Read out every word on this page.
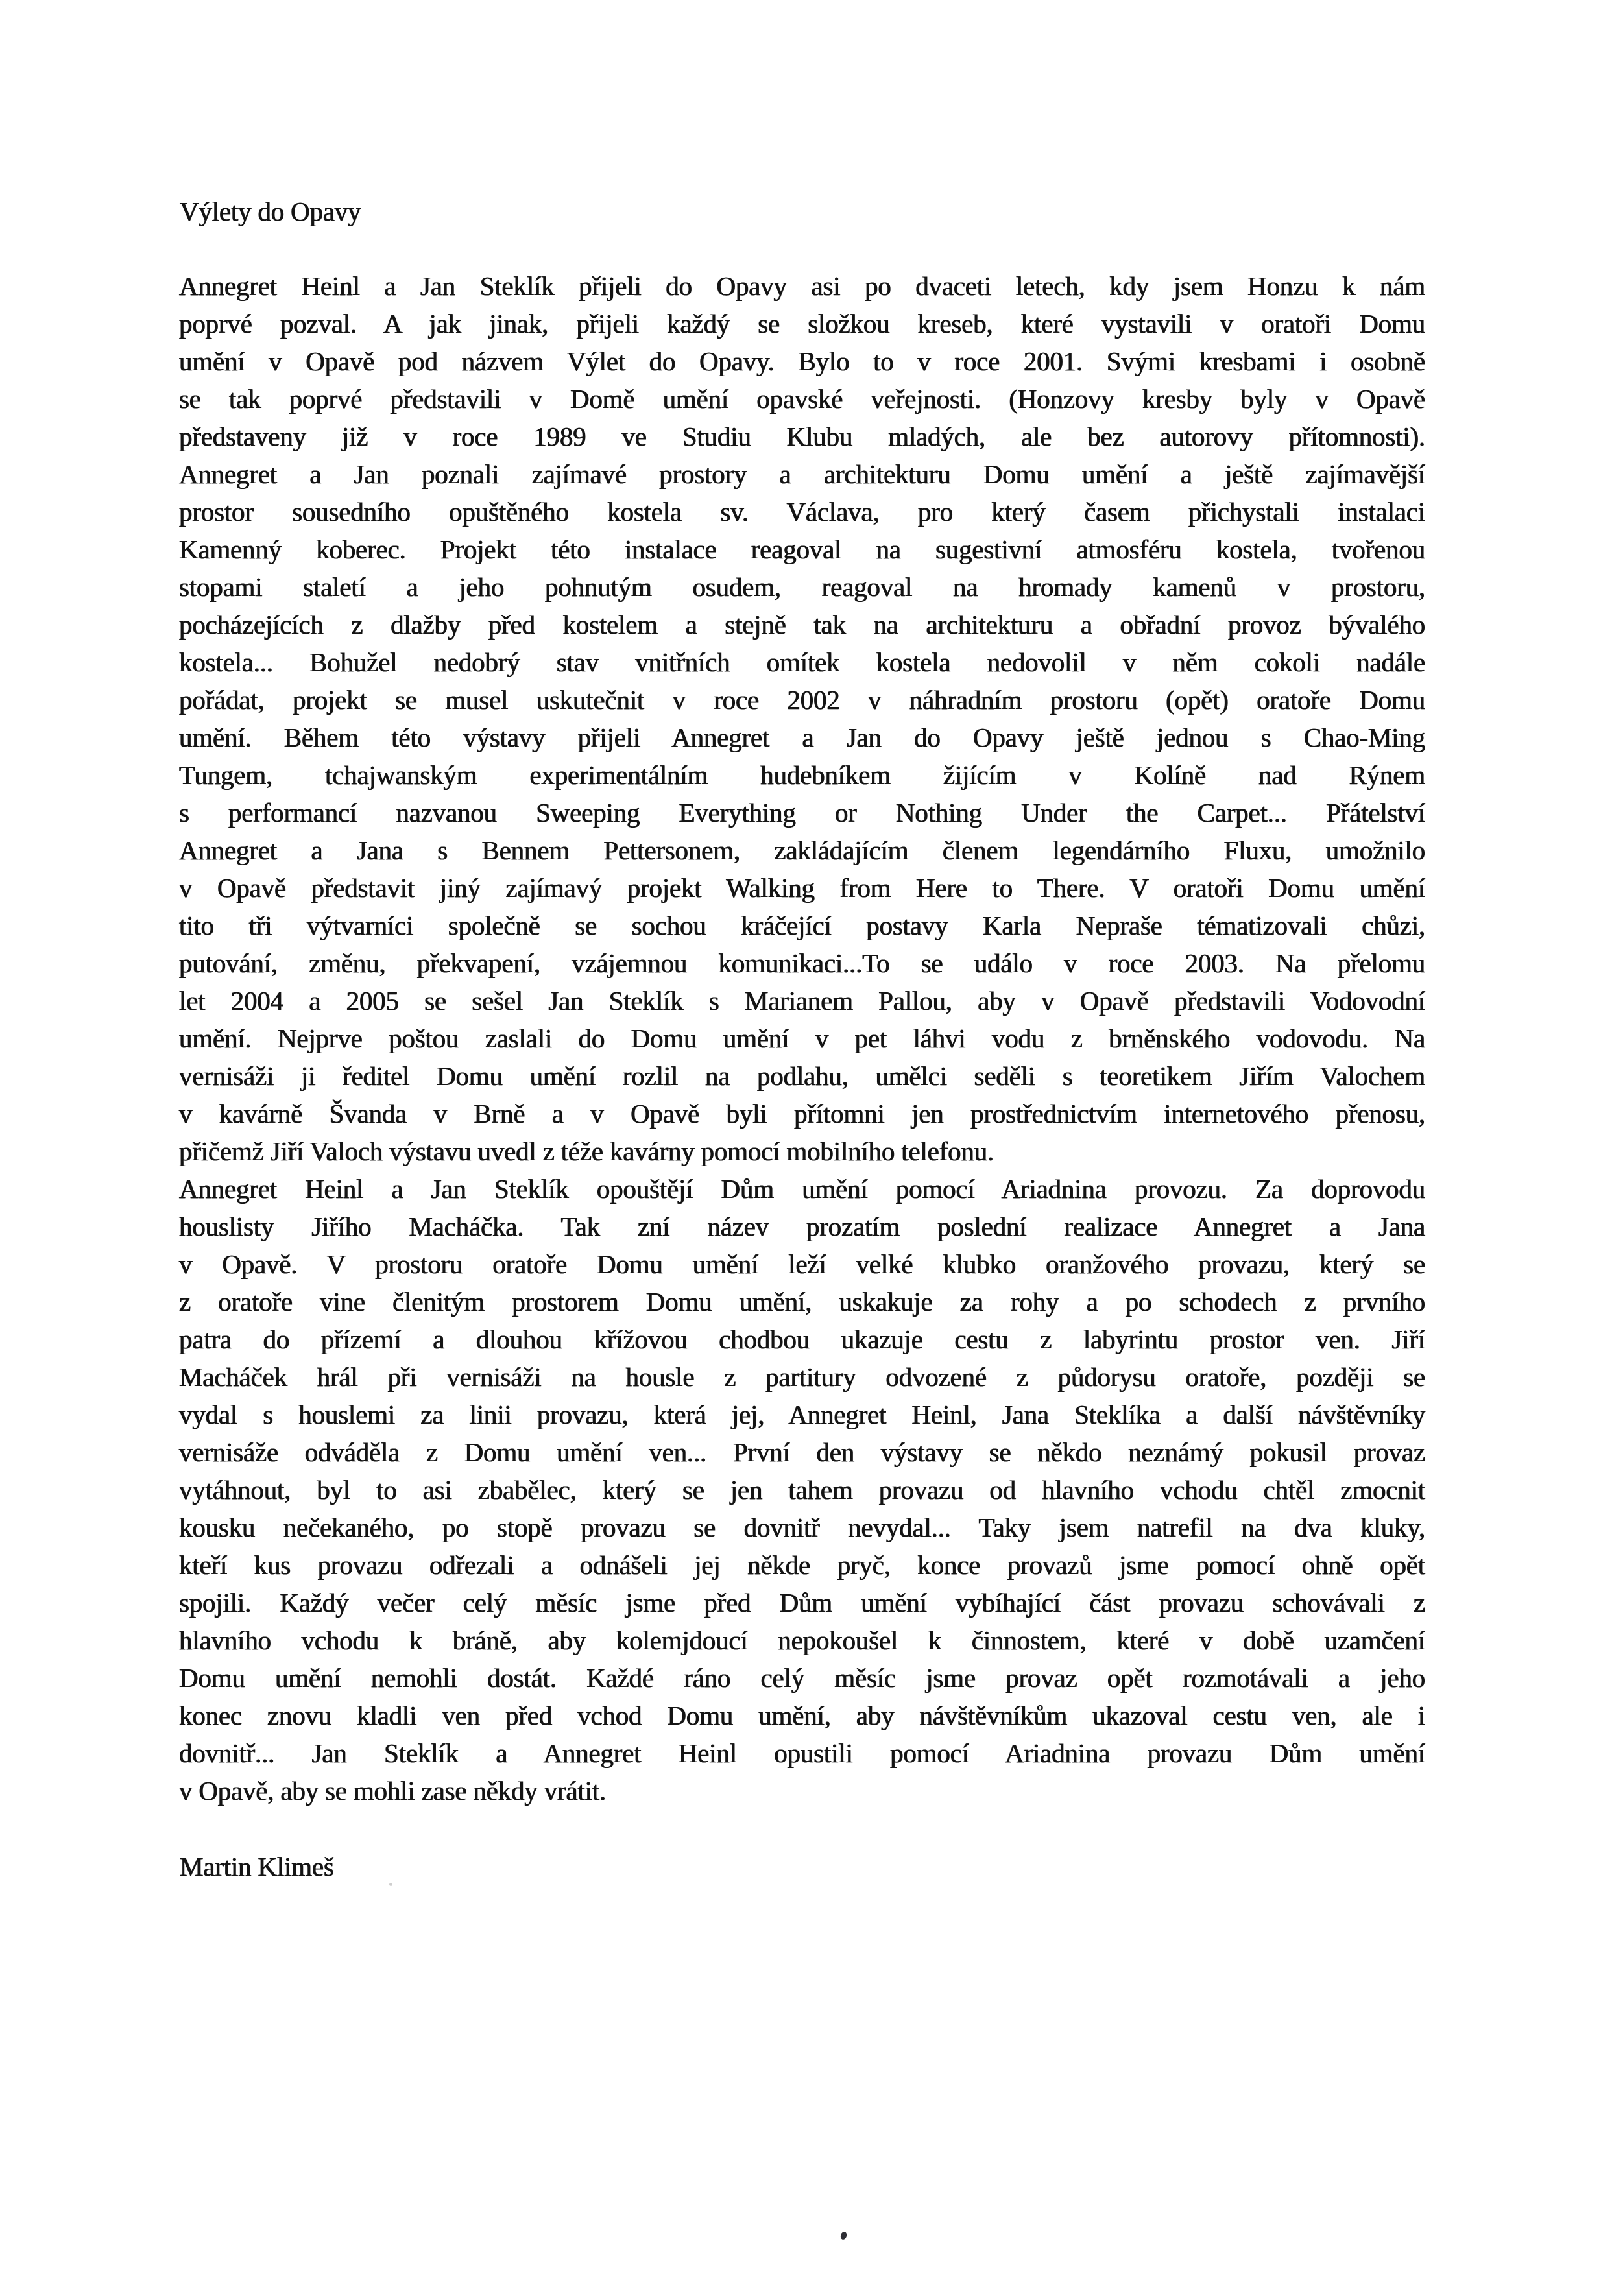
Výlety do Opavy
Annegret Heinl a Jan Steklík přijeli do Opavy asi po dvaceti letech, kdy jsem Honzu k nám
poprvé pozval. A jak jinak, přijeli každý se složkou kreseb, které vystavili v oratoři Domu
umění v Opavě pod názvem Výlet do Opavy. Bylo to v roce 2001. Svými kresbami i osobně
se tak poprvé představili v Domě umění opavské veřejnosti. (Honzovy kresby byly v Opavě
představeny již v roce 1989 ve Studiu Klubu mladých, ale bez autorovy přítomnosti).
Annegret a Jan poznali zajímavé prostory a architekturu Domu umění a ještě zajímavější
prostor sousedního opuštěného kostela sv. Václava, pro který časem přichystali instalaci
Kamenný koberec. Projekt této instalace reagoval na sugestivní atmosféru kostela, tvořenou
stopami staletí a jeho pohnutým osudem, reagoval na hromady kamenů v prostoru,
pocházejících z dlažby před kostelem a stejně tak na architekturu a obřadní provoz bývalého
kostela... Bohužel nedobrý stav vnitřních omítek kostela nedovolil v něm cokoli nadále
pořádat, projekt se musel uskutečnit v roce 2002 v náhradním prostoru (opět) oratoře Domu
umění. Během této výstavy přijeli Annegret a Jan do Opavy ještě jednou s Chao-Ming
Tungem, tchajwanským experimentálním hudebníkem žijícím v Kolíně nad Rýnem
s performancí nazvanou Sweeping Everything or Nothing Under the Carpet... Přátelství
Annegret a Jana s Bennem Pettersonem, zakládajícím členem legendárního Fluxu, umožnilo
v Opavě představit jiný zajímavý projekt Walking from Here to There. V oratoři Domu umění
tito tři výtvarníci společně se sochou kráčející postavy Karla Nepraše tématizovali chůzi,
putování, změnu, překvapení, vzájemnou komunikaci...To se událo v roce 2003. Na přelomu
let 2004 a 2005 se sešel Jan Steklík s Marianem Pallou, aby v Opavě představili Vodovodní
umění. Nejprve poštou zaslali do Domu umění v pet láhvi vodu z brněnského vodovodu. Na
vernisáži ji ředitel Domu umění rozlil na podlahu, umělci seděli s teoretikem Jiřím Valochem
v kavárně Švanda v Brně a v Opavě byli přítomni jen prostřednictvím internetového přenosu,
přičemž Jiří Valoch výstavu uvedl z téže kavárny pomocí mobilního telefonu.
Annegret Heinl a Jan Steklík opouštějí Dům umění pomocí Ariadnina provozu. Za doprovodu
houslisty Jiřího Macháčka. Tak zní název prozatím poslední realizace Annegret a Jana
v Opavě. V prostoru oratoře Domu umění leží velké klubko oranžového provazu, který se
z oratoře vine členitým prostorem Domu umění, uskakuje za rohy a po schodech z prvního
patra do přízemí a dlouhou křížovou chodbou ukazuje cestu z labyrintu prostor ven. Jiří
Macháček hrál při vernisáži na housle z partitury odvozené z půdorysu oratoře, později se
vydal s houslemi za linii provazu, která jej, Annegret Heinl, Jana Steklíka a další návštěvníky
vernisáže odváděla z Domu umění ven... První den výstavy se někdo neznámý pokusil provaz
vytáhnout, byl to asi zbabělec, který se jen tahem provazu od hlavního vchodu chtěl zmocnit
kousku nečekaného, po stopě provazu se dovnitř nevydal... Taky jsem natrefil na dva kluky,
kteří kus provazu odřezali a odnášeli jej někde pryč, konce provazů jsme pomocí ohně opět
spojili. Každý večer celý měsíc jsme před Dům umění vybíhající část provazu schovávali z
hlavního vchodu k bráně, aby kolemjdoucí nepokoušel k činnostem, které v době uzamčení
Domu umění nemohli dostát. Každé ráno celý měsíc jsme provaz opět rozmotávali a jeho
konec znovu kladli ven před vchod Domu umění, aby návštěvníkům ukazoval cestu ven, ale i
dovnitř... Jan Steklík a Annegret Heinl opustili pomocí Ariadnina provazu Dům umění
v Opavě, aby se mohli zase někdy vrátit.
Martin Klimeš
